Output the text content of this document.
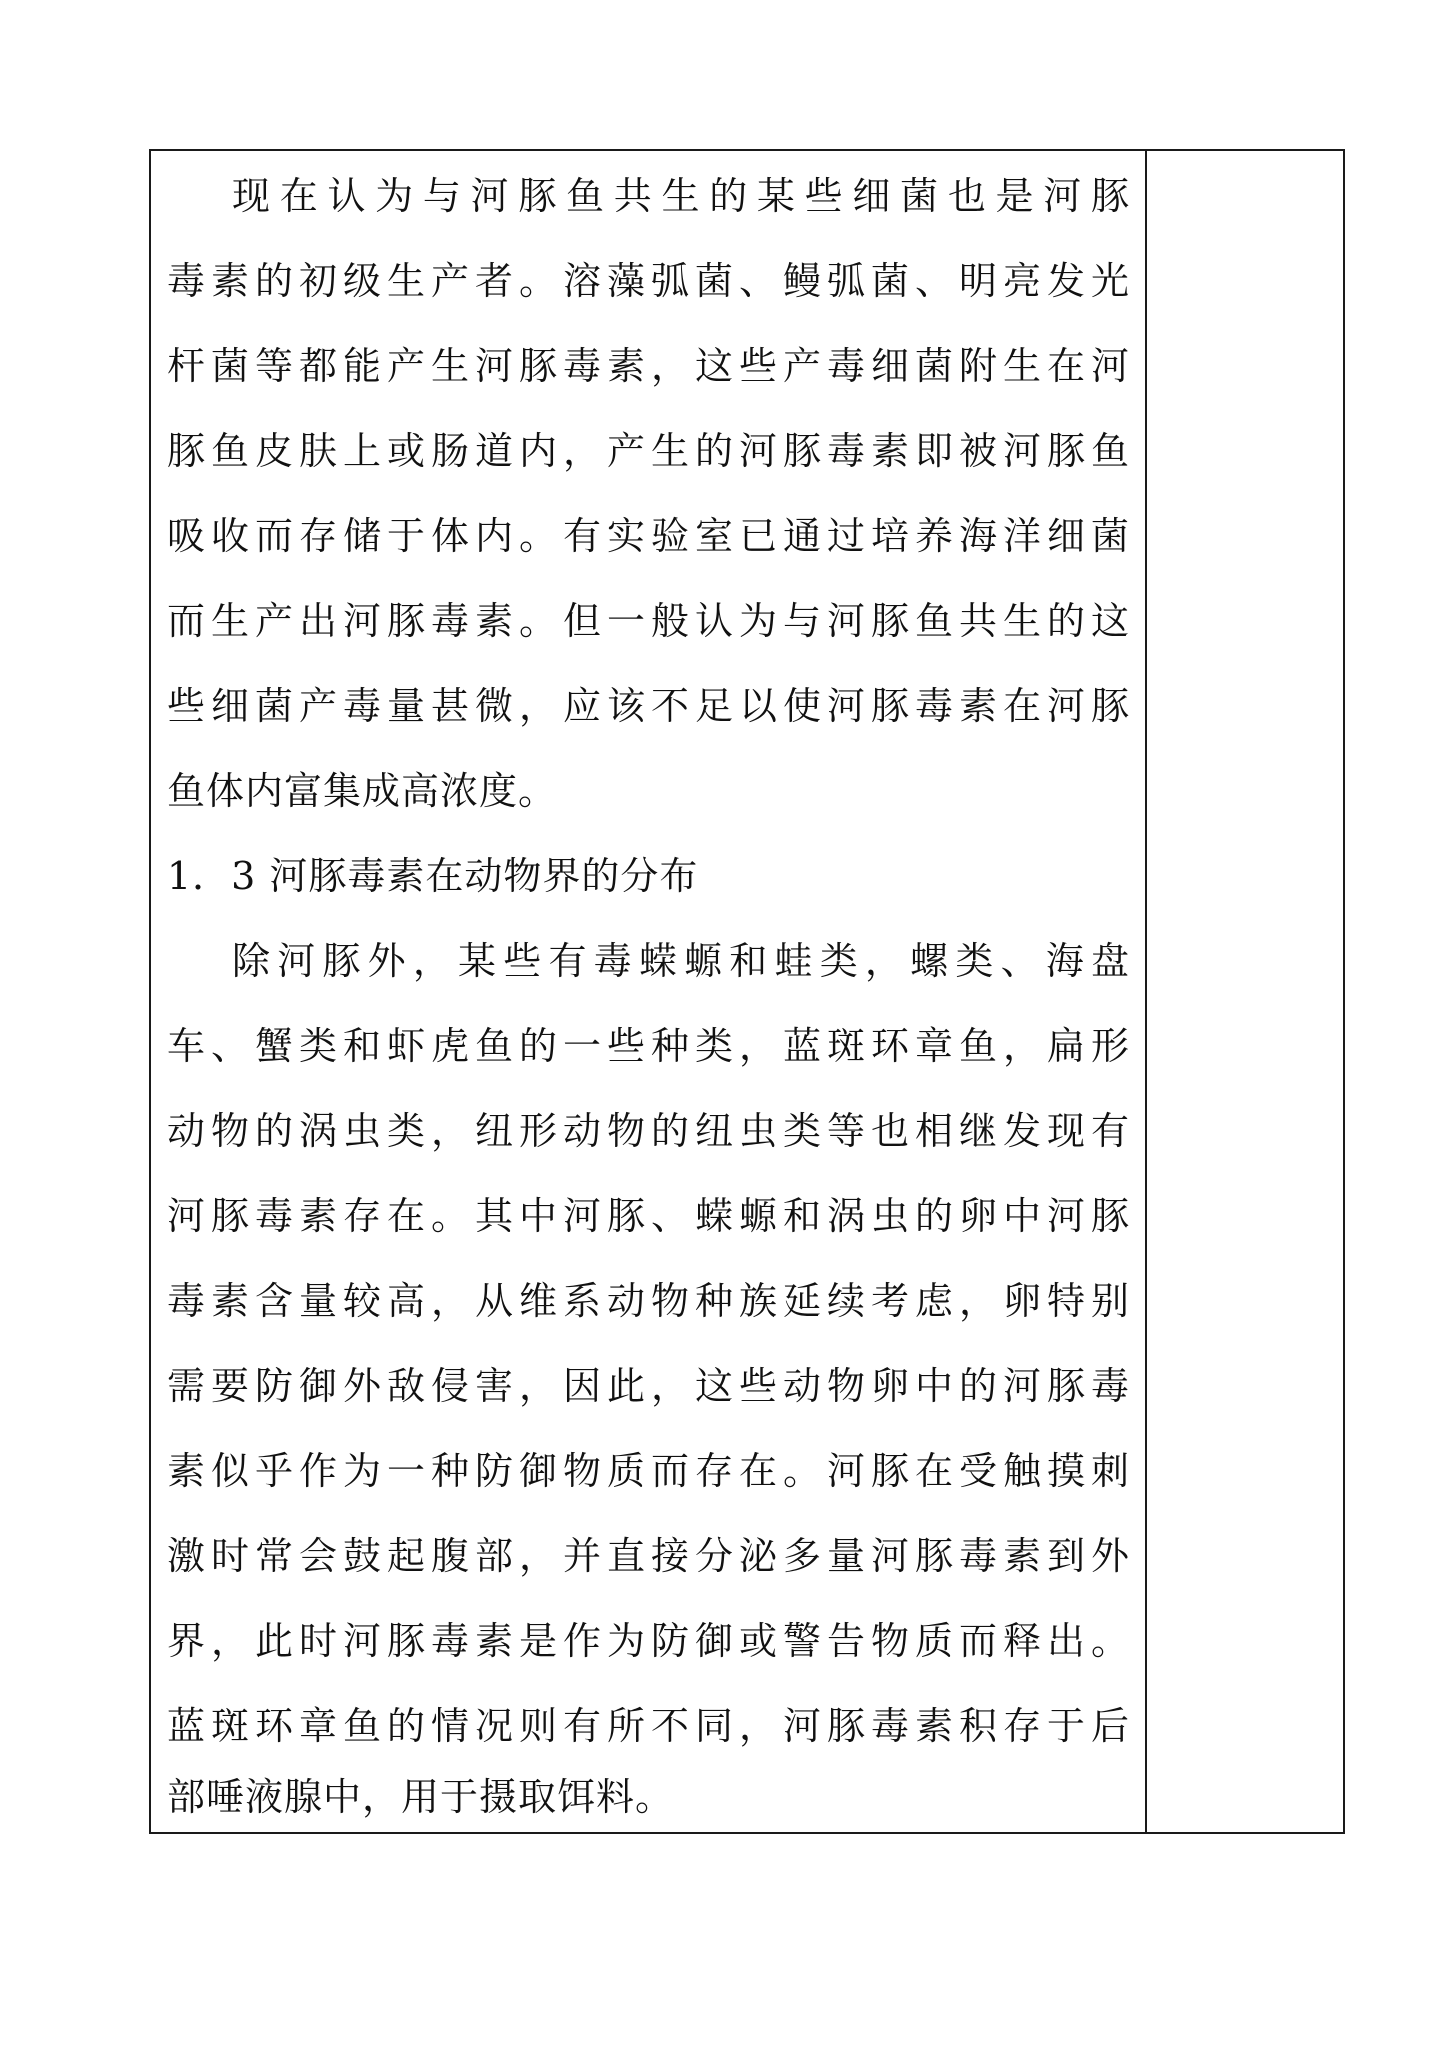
现在认为与河豚鱼共生的某些细菌也是河豚
毒素的初级生产者。溶藻弧菌、鳗弧菌、明亮发光
杆菌等都能产生河豚毒素，这些产毒细菌附生在河
豚鱼皮肤上或肠道内，产生的河豚毒素即被河豚鱼
吸收而存储于体内。有实验室已通过培养海洋细菌
而生产出河豚毒素。但一般认为与河豚鱼共生的这
些细菌产毒量甚微，应该不足以使河豚毒素在河豚
鱼体内富集成高浓度。
1．3 河豚毒素在动物界的分布
除河豚外，某些有毒蝾螈和蛙类，螺类、海盘
车、蟹类和虾虎鱼的一些种类，蓝斑环章鱼，扁形
动物的涡虫类，纽形动物的纽虫类等也相继发现有
河豚毒素存在。其中河豚、蝾螈和涡虫的卵中河豚
毒素含量较高，从维系动物种族延续考虑，卵特别
需要防御外敌侵害，因此，这些动物卵中的河豚毒
素似乎作为一种防御物质而存在。河豚在受触摸刺
激时常会鼓起腹部，并直接分泌多量河豚毒素到外
界，此时河豚毒素是作为防御或警告物质而释出。
蓝斑环章鱼的情况则有所不同，河豚毒素积存于后
部唾液腺中，用于摄取饵料。
